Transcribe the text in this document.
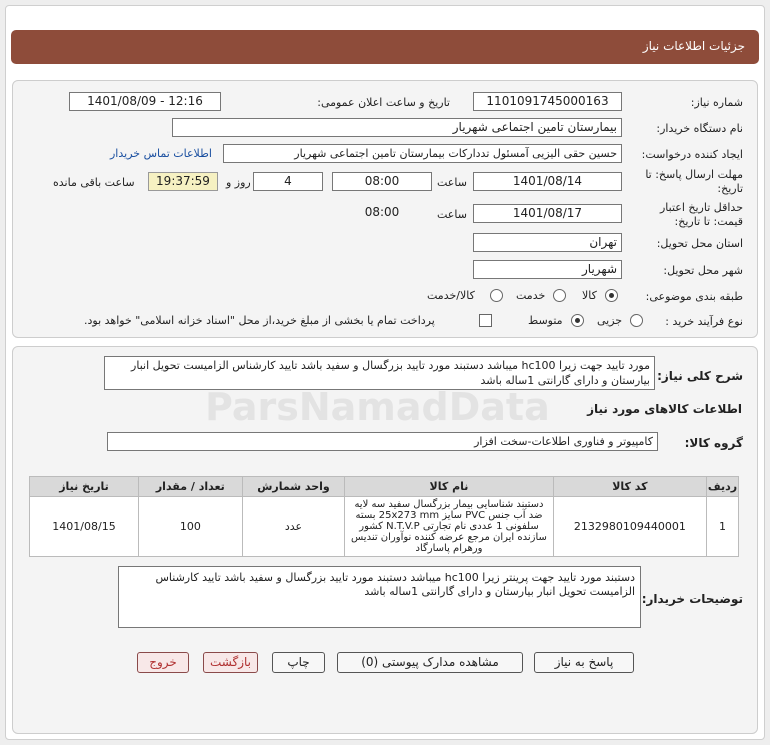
جزئیات اطلاعات نیاز
شماره نیاز:
1101091745000163
تاریخ و ساعت اعلان عمومی:
1401/08/09 - 12:16
نام دستگاه خریدار:
بیمارستان تامین اجتماعی شهریار
ایجاد کننده درخواست:
حسین حقی الیزیی آمسئول تدداركات بیمارستان تامین اجتماعی شهریار
اطلاعات تماس خریدار
مهلت ارسال پاسخ: تا
تاریخ:
1401/08/14
ساعت
08:00
4
روز و
19:37:59
ساعت باقی مانده
حداقل تاریخ اعتبار
قیمت: تا تاریخ:
1401/08/17
ساعت
08:00
استان محل تحویل:
تهران
شهر محل تحویل:
شهریار
طبقه بندی موضوعی:
کالا
خدمت
کالا/خدمت
نوع فرآیند خرید :
جزیی
متوسط
پرداخت تمام یا بخشی از مبلغ خرید،از محل "اسناد خزانه اسلامی" خواهد بود.
شرح کلی نیاز:
مورد تایید جهت زیرا hc100 میباشد دستبند مورد تایید بزرگسال و سفید باشد تایید کارشناس الزامیست تحویل انبار بیارستان و دارای گارانتی 1ساله باشد
اطلاعات کالاهای مورد نیاز
گروه کالا:
کامپیوتر و فناوری اطلاعات-سخت افزار
ردیف	کد کالا	نام کالا	واحد شمارش	تعداد / مقدار	تاریخ نیاز
1	2132980109440001	دستبند شناسایی بیمار بزرگسال سفید سه لایه ضد آب جنس PVC سایز 25x273 mm بسته سلفونی 1 عددی نام تجارتی N.T.V.P کشور سازنده ایران مرجع عرضه کننده نوآوران تندیس ورهرام پاسارگاد	عدد	100	1401/08/15
توضیحات خریدار:
دستبند مورد تایید جهت پرینتر زیرا hc100 میباشد دستبند مورد تایید بزرگسال و سفید باشد تایید کارشناس الزامیست تحویل انبار بیارستان و دارای گارانتی 1ساله باشد
پاسخ به نیاز
مشاهده مدارک پیوستی (0)
چاپ
بازگشت
خروج
